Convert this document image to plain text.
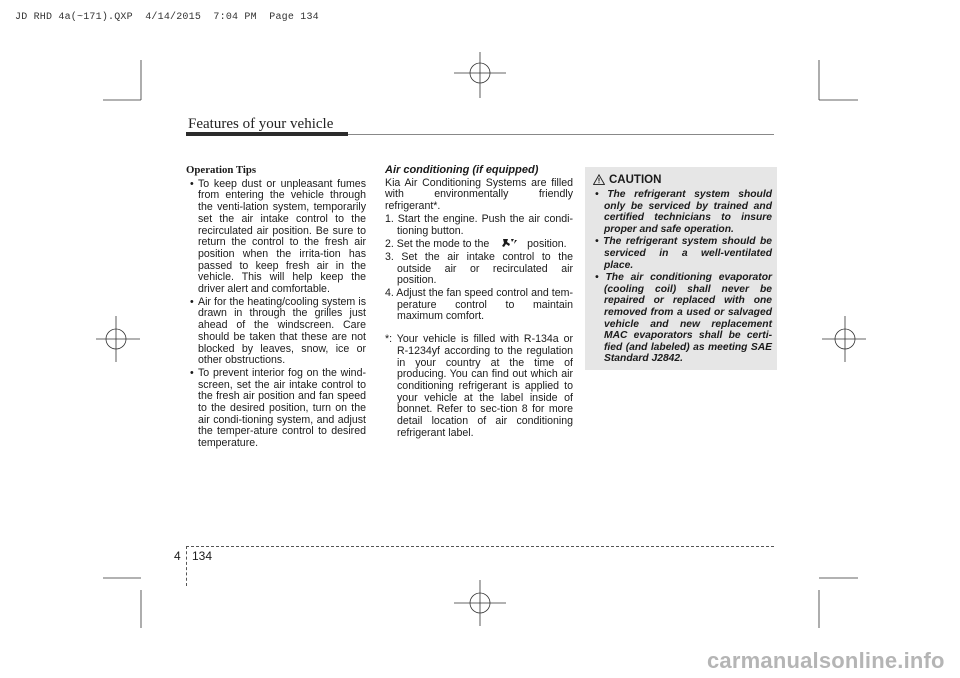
JD RHD 4a(~171).QXP  4/14/2015  7:04 PM  Page 134
Features of your vehicle
Operation Tips
• To keep dust or unpleasant fumes from entering the vehicle through the venti-lation system, temporarily set the air intake control to the recirculated air position. Be sure to return the control to the fresh air position when the irrita-tion has passed to keep fresh air in the vehicle. This will help keep the driver alert and comfortable.
• Air for the heating/cooling system is drawn in through the grilles just ahead of the windscreen. Care should be taken that these are not blocked by leaves, snow, ice or other obstructions.
• To prevent interior fog on the wind-screen, set the air intake control to the fresh air position and fan speed to the desired position, turn on the air condi-tioning system, and adjust the temper-ature control to desired temperature.
Air conditioning (if equipped)

Kia Air Conditioning Systems are filled with environmentally friendly refrigerant*.

1. Start the engine. Push the air condi-tioning button.
2. Set the mode to the	position.
3. Set the air intake control to the outside air or recirculated air position.
4. Adjust the fan speed control and tem-perature control to maintain maximum comfort.
*: Your vehicle is filled with R-134a or R-1234yf according to the regulation in your country at the time of producing. You can find out which air conditioning refrigerant is applied to your vehicle at the label inside of bonnet. Refer to sec-tion 8 for more detail location of air conditioning refrigerant label.
CAUTION
• The refrigerant system should only be serviced by trained and certified technicians to insure proper and safe operation.
• The refrigerant system should be serviced in a well-ventilated place.
• The air conditioning evaporator (cooling coil) shall never be repaired or replaced with one removed from a used or salvaged vehicle and new replacement MAC evaporators shall be certi-fied (and labeled) as meeting SAE Standard J2842.
4 134
carmanualsonline.info
